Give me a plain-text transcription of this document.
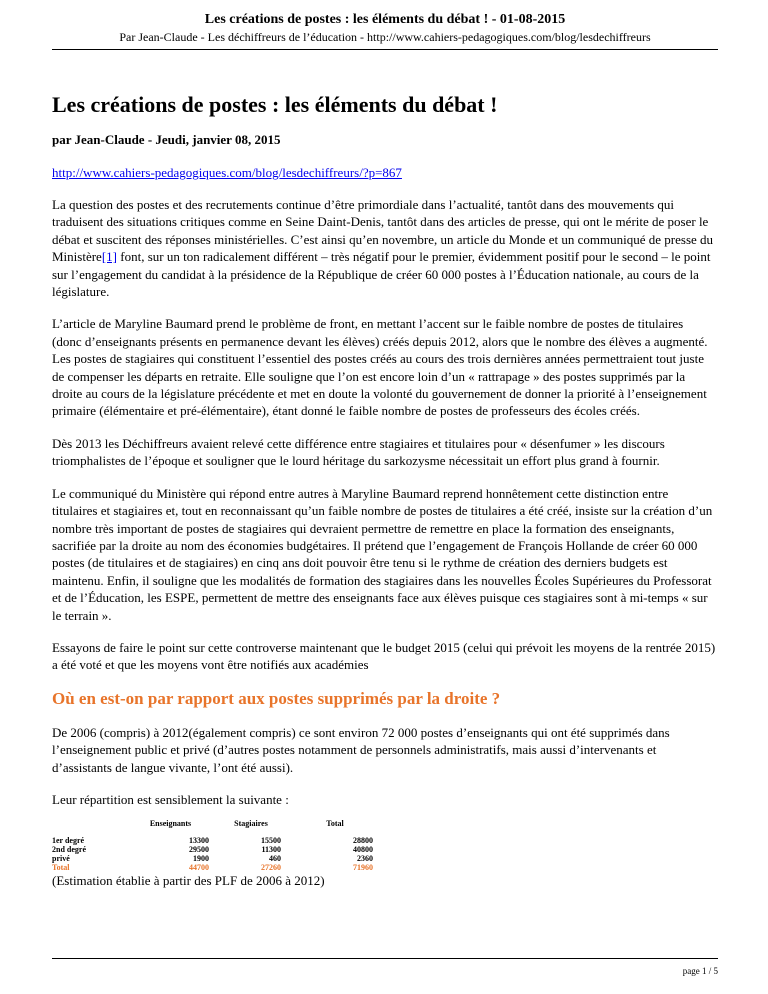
Les créations de postes : les éléments du débat ! - 01-08-2015
Par Jean-Claude - Les déchiffreurs de l’éducation - http://www.cahiers-pedagogiques.com/blog/lesdechiffreurs
Les créations de postes : les éléments du débat !
par Jean-Claude - Jeudi, janvier 08, 2015
http://www.cahiers-pedagogiques.com/blog/lesdechiffreurs/?p=867

La question des postes et des recrutements continue d’être primordiale dans l’actualité, tantôt dans des mouvements qui traduisent des situations critiques comme en Seine Daint-Denis, tantôt dans des articles de presse, qui ont le mérite de poser le débat et suscitent des réponses ministérielles. C’est ainsi qu’en novembre, un article du Monde et un communiqué de presse du Ministère[1] font, sur un ton radicalement différent – très négatif pour le premier, évidemment positif pour le second – le point sur l’engagement du candidat à la présidence de la République de créer 60 000 postes à l’Éducation nationale, au cours de la législature.

L’article de Maryline Baumard prend le problème de front, en mettant l’accent sur le faible nombre de postes de titulaires (donc d’enseignants présents en permanence devant les élèves) créés depuis 2012, alors que le nombre des élèves a augmenté. Les postes de stagiaires qui constituent l’essentiel des postes créés au cours des trois dernières années permettraient tout juste de compenser les départs en retraite. Elle souligne que l’on est encore loin d’un « rattrapage » des postes supprimés par la droite au cours de la législature précédente et met en doute la volonté du gouvernement de donner la priorité à l’enseignement primaire (élémentaire et pré-élémentaire), étant donné le faible nombre de postes de professeurs des écoles créés.

Dès 2013 les Déchiffreurs avaient relevé cette différence entre stagiaires et titulaires pour « désenfumer » les discours triomphalistes de l’époque et souligner que le lourd héritage du sarkozysme nécessitait un effort plus grand à fournir.

Le communiqué du Ministère qui répond entre autres à Maryline Baumard reprend honnêtement cette distinction entre titulaires et stagiaires et, tout en reconnaissant qu’un faible nombre de postes de titulaires a été créé, insiste sur la création d’un nombre très important de postes de stagiaires qui devraient permettre de remettre en place la formation des enseignants, sacrifiée par la droite au nom des économies budgétaires. Il prétend que l’engagement de François Hollande de créer 60 000 postes (de titulaires et de stagiaires) en cinq ans doit pouvoir être tenu si le rythme de création des derniers budgets est maintenu. Enfin, il souligne que les modalités de formation des stagiaires dans les nouvelles Écoles Supérieures du Professorat et de l’Éducation, les ESPE, permettent de mettre des enseignants face aux élèves puisque ces stagiaires sont à mi-temps « sur le terrain ».

Essayons de faire le point sur cette controverse maintenant que le budget 2015 (celui qui prévoit les moyens de la rentrée 2015) a été voté et que les moyens vont être notifiés aux académies

Où en est-on par rapport aux postes supprimés par la droite ?

De 2006 (compris) à 2012(également compris) ce sont environ 72 000 postes d’enseignants qui ont été supprimés dans l’enseignement public et privé (d’autres postes notamment de personnels administratifs, mais aussi d’intervenants et d’assistants de langue vivante, l’ont été aussi).

Leur répartition est sensiblement la suivante :

	Enseignants	Stagiaires	Total
1er degré	13300	15500	28800
2nd degré	29500	11300	40800
privé	1900	460	2360
Total	44700	27260	71960
(Estimation établie à partir des PLF de 2006 à 2012)
page 1 / 5
